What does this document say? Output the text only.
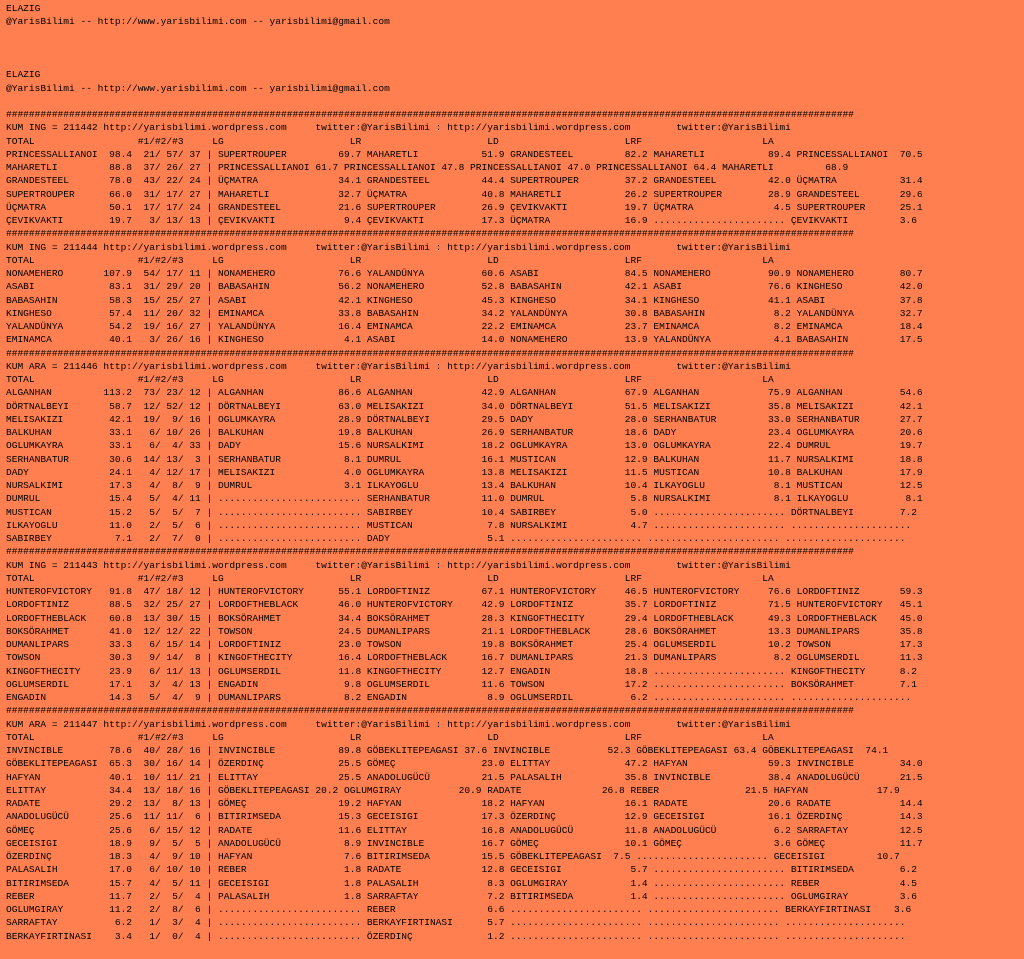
ELAZIG
@YarisBilimi -- http://www.yarisbilimi.com -- yarisbilimi@gmail.com
ELAZIG
@YarisBilimi -- http://www.yarisbilimi.com -- yarisbilimi@gmail.com
####################################################################################################################################################
KUM ING = 211442 http://yarisbilimi.wordpress.com     twitter:@YarisBilimi : http://yarisbilimi.wordpress.com        twitter:@YarisBilimi
TOTAL                  #1/#2/#3     LG                      LR                      LD                      LRF                     LA
PRINCESSALLIANOI  98.4  21/ 57/ 37 | SUPERTROUPER         69.7 MAHARETLI           51.9 GRANDESTEEL         82.2 MAHARETLI           89.4 PRINCESSALLIANOI  70.5
MAHARETLI         88.8  37/ 26/ 27 | PRINCESSALLIANOI 61.7 PRINCESSALLIANOI 47.8 PRINCESSALLIANOI 47.0 PRINCESSALLIANOI 64.4 MAHARETLI         68.9
GRANDESTEEL       78.0  43/ 22/ 24 | ÜÇMATRA              34.1 GRANDESTEEL         44.4 SUPERTROUPER        37.2 GRANDESTEEL         42.0 ÜÇMATRA           31.4
SUPERTROUPER      66.0  31/ 17/ 27 | MAHARETLI            32.7 ÜÇMATRA             40.8 MAHARETLI           26.2 SUPERTROUPER        28.9 GRANDESTEEL       29.6
ÜÇMATRA           50.1  17/ 17/ 24 | GRANDESTEEL          21.6 SUPERTROUPER        26.9 ÇEVIKVAKTI          19.7 ÜÇMATRA              4.5 SUPERTROUPER      25.1
ÇEVIKVAKTI        19.7   3/ 13/ 13 | ÇEVIKVAKTI            9.4 ÇEVIKVAKTI          17.3 ÜÇMATRA             16.9 ....................... ÇEVIKVAKTI         3.6
####################################################################################################################################################
KUM ING = 211444 http://yarisbilimi.wordpress.com     twitter:@YarisBilimi : http://yarisbilimi.wordpress.com        twitter:@YarisBilimi
TOTAL                  #1/#2/#3     LG                      LR                      LD                      LRF                     LA
NONAMEHERO       107.9  54/ 17/ 11 | NONAMEHERO           76.6 YALANDÜNYA          60.6 ASABI               84.5 NONAMEHERO          90.9 NONAMEHERO        80.7
ASABI             83.1  31/ 29/ 20 | BABASAHIN            56.2 NONAMEHERO          52.8 BABASAHIN           42.1 ASABI               76.6 KINGHESO          42.0
BABASAHIN         58.3  15/ 25/ 27 | ASABI                42.1 KINGHESO            45.3 KINGHESO            34.1 KINGHESO            41.1 ASABI             37.8
KINGHESO          57.4  11/ 20/ 32 | EMINAMCA             33.8 BABASAHIN           34.2 YALANDÜNYA          30.8 BABASAHIN            8.2 YALANDÜNYA        32.7
YALANDÜNYA        54.2  19/ 16/ 27 | YALANDÜNYA           16.4 EMINAMCA            22.2 EMINAMCA            23.7 EMINAMCA             8.2 EMINAMCA          18.4
EMINAMCA          40.1   3/ 26/ 16 | KINGHESO              4.1 ASABI               14.0 NONAMEHERO          13.9 YALANDÜNYA           4.1 BABASAHIN         17.5
####################################################################################################################################################
KUM ARA = 211446 http://yarisbilimi.wordpress.com     twitter:@YarisBilimi : http://yarisbilimi.wordpress.com        twitter:@YarisBilimi
TOTAL                  #1/#2/#3     LG                      LR                      LD                      LRF                     LA
ALGANHAN         113.2  73/ 23/ 12 | ALGANHAN             86.6 ALGANHAN            42.9 ALGANHAN            67.9 ALGANHAN            75.9 ALGANHAN          54.6
DÖRTNALBEYI       58.7  12/ 52/ 12 | DÖRTNALBEYI          63.0 MELISAKIZI          34.0 DÖRTNALBEYI         51.5 MELISAKIZI          35.8 MELISAKIZI        42.1
MELISAKIZI        42.1  19/  9/ 16 | OGLUMKAYRA           28.9 DÖRTNALBEYI         29.5 DADY                28.0 SERHANBATUR         33.0 SERHANBATUR       27.7
BALKUHAN          33.1   6/ 10/ 26 | BALKUHAN             19.8 BALKUHAN            26.9 SERHANBATUR         18.6 DADY                23.4 OGLUMKAYRA        20.6
OGLUMKAYRA        33.1   6/  4/ 33 | DADY                 15.6 NURSALKIMI          18.2 OGLUMKAYRA          13.0 OGLUMKAYRA          22.4 DUMRUL            19.7
SERHANBATUR       30.6  14/ 13/  3 | SERHANBATUR           8.1 DUMRUL              16.1 MUSTICAN            12.9 BALKUHAN            11.7 NURSALKIMI        18.8
DADY              24.1   4/ 12/ 17 | MELISAKIZI            4.0 OGLUMKAYRA          13.8 MELISAKIZI          11.5 MUSTICAN            10.8 BALKUHAN          17.9
NURSALKIMI        17.3   4/  8/  9 | DUMRUL                3.1 ILKAYOGLU           13.4 BALKUHAN            10.4 ILKAYOGLU            8.1 MUSTICAN          12.5
DUMRUL            15.4   5/  4/ 11 | ......................... SERHANBATUR         11.0 DUMRUL               5.8 NURSALKIMI           8.1 ILKAYOGLU          8.1
MUSTICAN          15.2   5/  5/  7 | ......................... SABIRBEY            10.4 SABIRBEY             5.0 ....................... DÖRTNALBEYI        7.2
ILKAYOGLU         11.0   2/  5/  6 | ......................... MUSTICAN             7.8 NURSALKIMI           4.7 ....................... .....................
SABIRBEY           7.1   2/  7/  0 | ......................... DADY                 5.1 ....................... ....................... .....................
####################################################################################################################################################
KUM ING = 211443 http://yarisbilimi.wordpress.com     twitter:@YarisBilimi : http://yarisbilimi.wordpress.com        twitter:@YarisBilimi
TOTAL                  #1/#2/#3     LG                      LR                      LD                      LRF                     LA
HUNTEROFVICTORY   91.8  47/ 18/ 12 | HUNTEROFVICTORY      55.1 LORDOFTINIZ         67.1 HUNTEROFVICTORY     46.5 HUNTEROFVICTORY     76.6 LORDOFTINIZ       59.3
LORDOFTINIZ       88.5  32/ 25/ 27 | LORDOFTHEBLACK       46.0 HUNTEROFVICTORY     42.9 LORDOFTINIZ         35.7 LORDOFTINIZ         71.5 HUNTEROFVICTORY   45.1
LORDOFTHEBLACK    60.8  13/ 30/ 15 | BOKSÖRAHMET          34.4 BOKSÖRAHMET         28.3 KINGOFTHECITY       29.4 LORDOFTHEBLACK      49.3 LORDOFTHEBLACK    45.0
BOKSÖRAHMET       41.0  12/ 12/ 22 | TOWSON               24.5 DUMANLIPARS         21.1 LORDOFTHEBLACK      28.6 BOKSÖRAHMET         13.3 DUMANLIPARS       35.8
DUMANLIPARS       33.3   6/ 15/ 14 | LORDOFTINIZ          23.0 TOWSON              19.8 BOKSÖRAHMET         25.4 OGLUMSERDIL         10.2 TOWSON            17.3
TOWSON            30.3   9/ 14/  8 | KINGOFTHECITY        16.4 LORDOFTHEBLACK      16.7 DUMANLIPARS         21.3 DUMANLIPARS          8.2 OGLUMSERDIL       11.3
KINGOFTHECITY     23.9   6/ 11/ 13 | OGLUMSERDIL          11.8 KINGOFTHECITY       12.7 ENGADIN             18.8 ....................... KINGOFTHECITY      8.2
OGLUMSERDIL       17.1   3/  4/ 13 | ENGADIN               9.8 OGLUMSERDIL         11.6 TOWSON              17.2 ....................... BOKSÖRAHMET        7.1
ENGADIN           14.3   5/  4/  9 | DUMANLIPARS           8.2 ENGADIN              8.9 OGLUMSERDIL          6.2 ....................... .....................
####################################################################################################################################################
KUM ARA = 211447 http://yarisbilimi.wordpress.com     twitter:@YarisBilimi : http://yarisbilimi.wordpress.com        twitter:@YarisBilimi
TOTAL                  #1/#2/#3     LG                      LR                      LD                      LRF                     LA
INVINCIBLE        78.6  40/ 28/ 16 | INVINCIBLE           89.8 GÖBEKLITEPEAGASI 37.6 INVINCIBLE          52.3 GÖBEKLITEPEAGASI 63.4 GÖBEKLITEPEAGASI  74.1
GÖBEKLITEPEAGASI  65.3  30/ 16/ 14 | ÖZERDINÇ             25.5 GÖMEÇ               23.0 ELITTAY             47.2 HAFYAN              59.3 INVINCIBLE        34.0
HAFYAN            40.1  10/ 11/ 21 | ELITTAY              25.5 ANADOLUGÜCÜ         21.5 PALASALIH           35.8 INVINCIBLE          38.4 ANADOLUGÜCÜ       21.5
ELITTAY           34.4  13/ 18/ 16 | GÖBEKLITEPEAGASI 20.2 OGLUMGIRAY          20.9 RADATE              26.8 REBER               21.5 HAFYAN            17.9
RADATE            29.2  13/  8/ 13 | GÖMEÇ                19.2 HAFYAN              18.2 HAFYAN              16.1 RADATE              20.6 RADATE            14.4
ANADOLUGÜCÜ       25.6  11/ 11/  6 | BITIRIMSEDA          15.3 GECEISIGI           17.3 ÖZERDINÇ            12.9 GECEISIGI           16.1 ÖZERDINÇ          14.3
GÖMEÇ             25.6   6/ 15/ 12 | RADATE               11.6 ELITTAY             16.8 ANADOLUGÜCÜ         11.8 ANADOLUGÜCÜ          6.2 SARRAFTAY         12.5
GECEISIGI         18.9   9/  5/  5 | ANADOLUGÜCÜ           8.9 INVINCIBLE          16.7 GÖMEÇ               10.1 GÖMEÇ                3.6 GÖMEÇ             11.7
ÖZERDINÇ          18.3   4/  9/ 10 | HAFYAN                7.6 BITIRIMSEDA         15.5 GÖBEKLITEPEAGASI  7.5 ....................... GECEISIGI         10.7
PALASALIH         17.0   6/ 10/ 10 | REBER                 1.8 RADATE              12.8 GECEISIGI            5.7 ....................... BITIRIMSEDA        6.2
BITIRIMSEDA       15.7   4/  5/ 11 | GECEISIGI             1.8 PALASALIH            8.3 OGLUMGIRAY           1.4 ....................... REBER              4.5
REBER             11.7   2/  5/  4 | PALASALIH             1.8 SARRAFTAY            7.2 BITIRIMSEDA          1.4 ....................... OGLUMGIRAY         3.6
OGLUMGIRAY        11.2   2/  8/  6 | ......................... REBER                6.6 ....................... ....................... BERKAYFIRTINASI    3.6
SARRAFTAY          6.2   1/  3/  4 | ......................... BERKAYFIRTINASI      5.7 ....................... ....................... .....................
BERKAYFIRTINASI    3.4   1/  0/  4 | ......................... ÖZERDINÇ             1.2 ....................... ....................... .....................
